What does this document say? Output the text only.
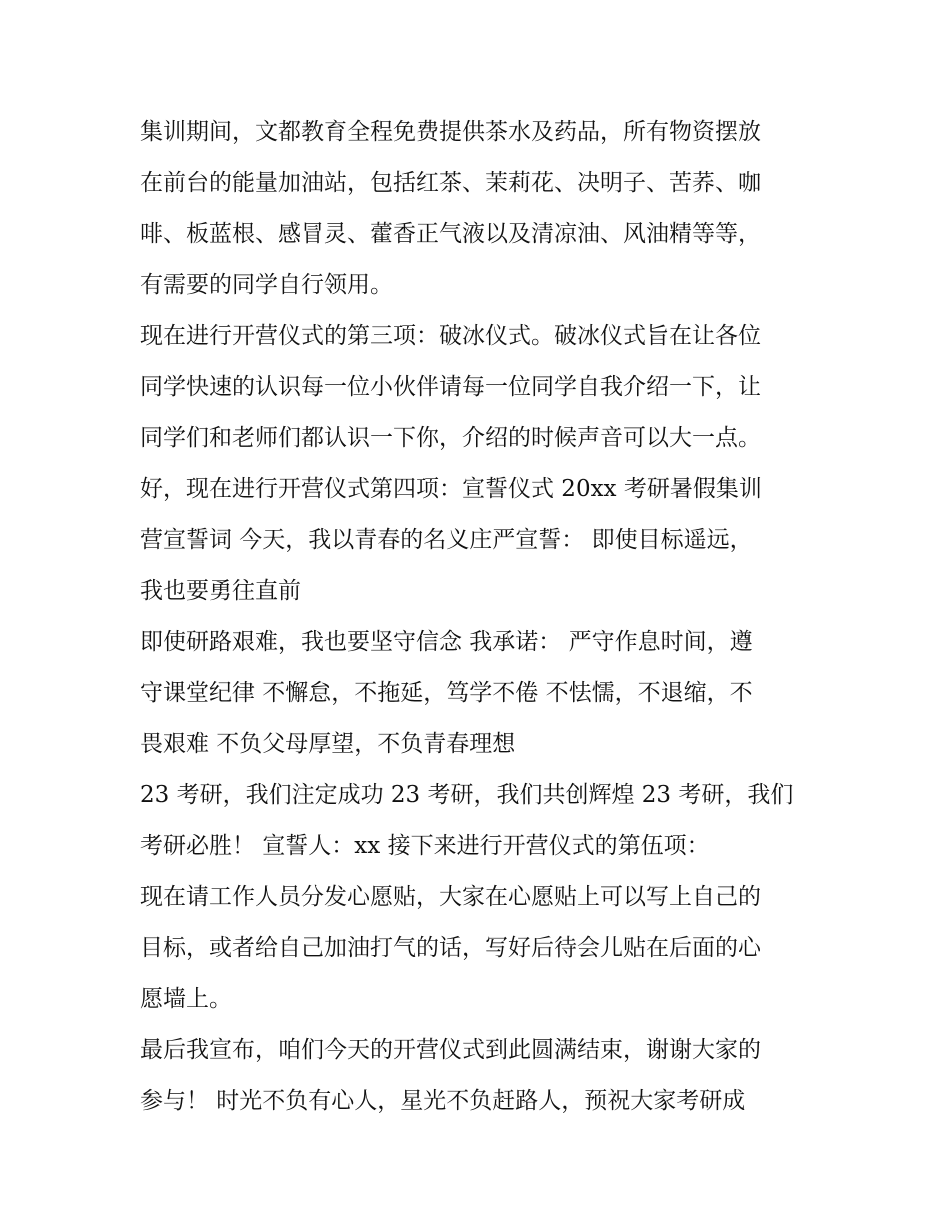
集训期间，文都教育全程免费提供茶水及药品，所有物资摆放
在前台的能量加油站，包括红茶、茉莉花、决明子、苦荞、咖
啡、板蓝根、感冒灵、藿香正气液以及清凉油、风油精等等，
有需要的同学自行领用。
现在进行开营仪式的第三项：破冰仪式。破冰仪式旨在让各位
同学快速的认识每一位小伙伴请每一位同学自我介绍一下，让
同学们和老师们都认识一下你，介绍的时候声音可以大一点。
好，现在进行开营仪式第四项：宣誓仪式 20xx 考研暑假集训
营宣誓词 今天，我以青春的名义庄严宣誓： 即使目标遥远，
我也要勇往直前
即使研路艰难，我也要坚守信念 我承诺： 严守作息时间，遵
守课堂纪律 不懈怠，不拖延，笃学不倦 不怯懦，不退缩，不
畏艰难 不负父母厚望，不负青春理想
23 考研，我们注定成功 23 考研，我们共创辉煌 23 考研，我们
考研必胜！ 宣誓人：xx 接下来进行开营仪式的第伍项：
现在请工作人员分发心愿贴，大家在心愿贴上可以写上自己的
目标，或者给自己加油打气的话，写好后待会儿贴在后面的心
愿墙上。
最后我宣布，咱们今天的开营仪式到此圆满结束，谢谢大家的
参与！ 时光不负有心人，星光不负赶路人，预祝大家考研成
